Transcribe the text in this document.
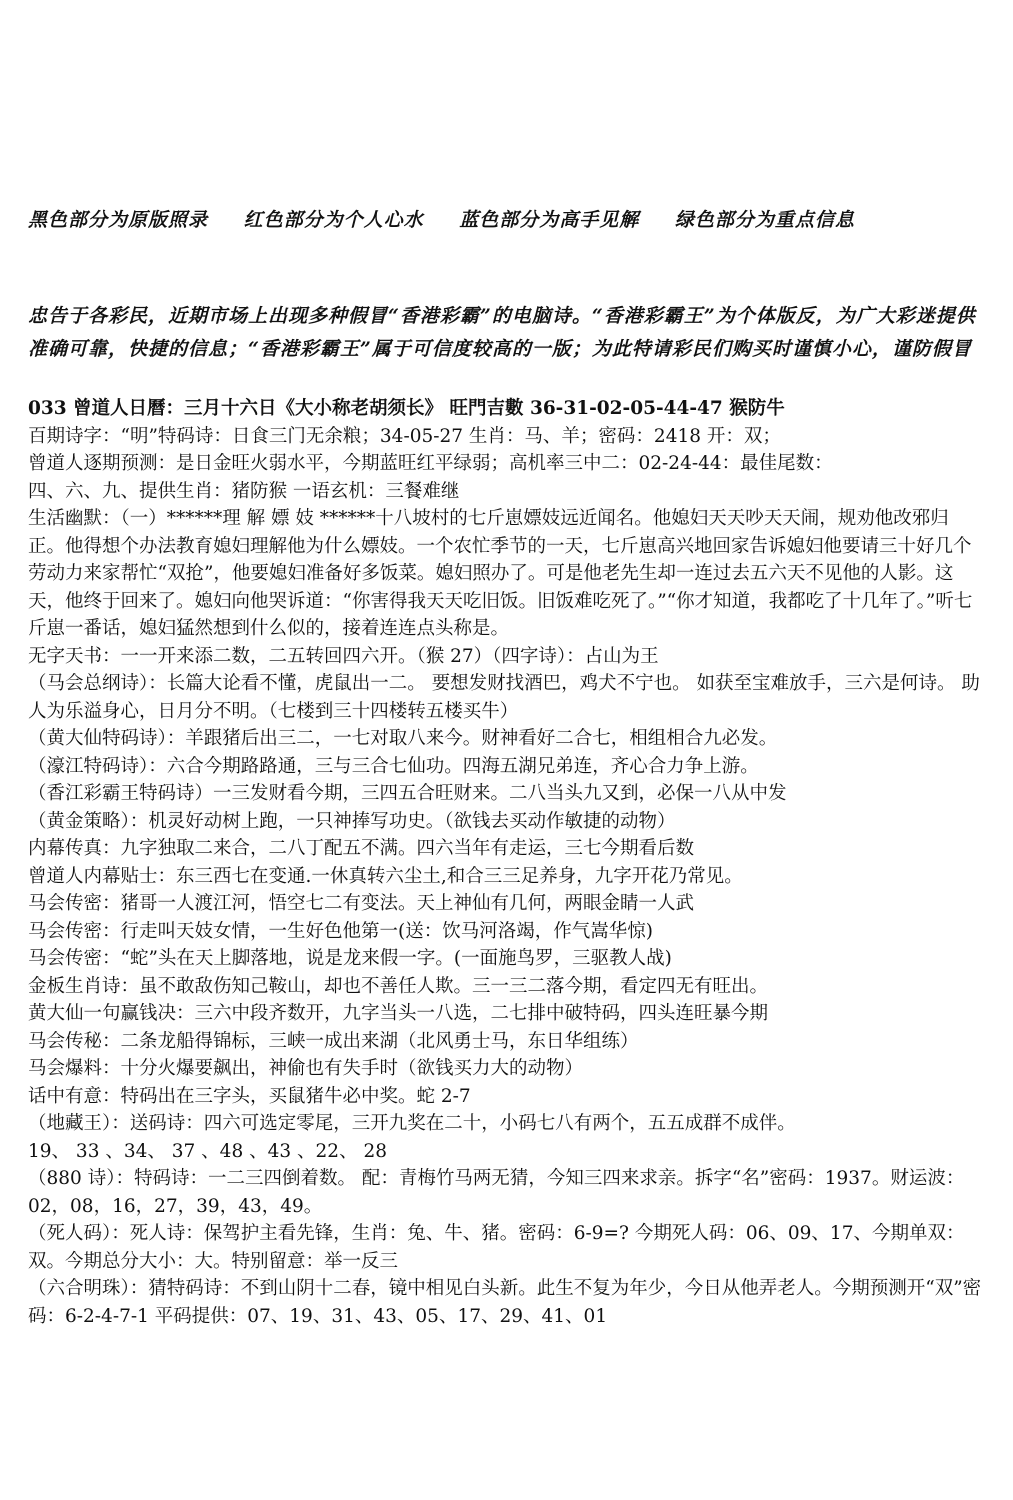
黑色部分为原版照录 红色部分为个人心水 蓝色部分为高手见解 绿色部分为重点信息
忠告于各彩民，近期市场上出现多种假冒“香港彩霸”的电脑诗。“香港彩霸王”为个体版反，为广大彩迷提供准确可靠，快捷的信息；“香港彩霸王”属于可信度较高的一版；为此特请彩民们购买时谨慎小心，谨防假冒

033 曾道人日曆：三月十六日《大小称老胡须长》 旺門吉數 36-31-02-05-44-47 猴防牛

百期诗字：“明”特码诗：日食三门无余粮；34-05-27 生肖：马、羊；密码：2418 开：双；

曾道人逐期预测：是日金旺火弱水平，今期蓝旺红平绿弱；高机率三中二：02-24-44：最佳尾数：

四、六、九、提供生肖：猪防猴 一语玄机：三餐难继

生活幽默：（一）******理 解 嫖 妓 ******十八坡村的七斤崽嫖妓远近闻名。他媳妇天天吵天天闹，规劝他改邪归正。他得想个办法教育媳妇理解他为什么嫖妓。一个农忙季节的一天，七斤崽高兴地回家告诉媳妇他要请三十好几个劳动力来家帮忙“双抢”，他要媳妇准备好多饭菜。媳妇照办了。可是他老先生却一连过去五六天不见他的人影。这天，他终于回来了。媳妇向他哭诉道：“你害得我天天吃旧饭。旧饭难吃死了。”“你才知道，我都吃了十几年了。”听七斤崽一番话，媳妇猛然想到什么似的，接着连连点头称是。

无字天书：一一开来添二数，二五转回四六开。（猴 27）（四字诗）：占山为王

（马会总纲诗）：长篇大论看不懂，虎鼠出一二。 要想发财找酒巴，鸡犬不宁也。 如获至宝难放手，三六是何诗。 助人为乐溢身心，日月分不明。（七楼到三十四楼转五楼买牛）

（黄大仙特码诗）：羊跟猪后出三二，一七对取八来今。财神看好二合七，相组相合九必发。

（濠江特码诗）：六合今期路路通，三与三合七仙功。四海五湖兄弟连，齐心合力争上游。

（香江彩霸王特码诗）一三发财看今期，三四五合旺财来。二八当头九又到，必保一八从中发

（黄金策略）：机灵好动树上跑，一只神捧写功史。（欲钱去买动作敏捷的动物）

内幕传真：九字独取二来合，二八丁配五不满。四六当年有走运，三七今期看后数

曾道人内幕贴士：东三西七在变通.一休真转六尘土,和合三三足养身，九字开花乃常见。

马会传密：猪哥一人渡江河，悟空七二有变法。天上神仙有几何，两眼金睛一人武

马会传密：行走叫天妓女情，一生好色他第一(送：饮马河洛竭，作气嵩华惊)

马会传密：“蛇”头在天上脚落地，说是龙来假一字。(一面施鸟罗，三驱教人战)

金板生肖诗：虽不敢敌伤知己鞍山，却也不善任人欺。三一三二落今期，看定四无有旺出。

黄大仙一句赢钱决：三六中段齐数开，九字当头一八选，二七排中破特码，四头连旺暴今期

马会传秘：二条龙船得锦标，三峡一成出来湖（北风勇士马，东日华组练）

马会爆料：十分火爆要飙出，神偷也有失手时（欲钱买力大的动物）

话中有意：特码出在三字头，买鼠猪牛必中奖。蛇 2-7

（地藏王）：送码诗：四六可选定零尾，三开九奖在二十，小码七八有两个，五五成群不成伴。

19、 33 、34、 37 、48 、43 、22、 28

（880 诗）：特码诗：一二三四倒着数。 配：青梅竹马两无猜，今知三四来求亲。拆字“名”密码：1937。财运波：02，08，16，27，39，43，49。

（死人码）：死人诗：保驾护主看先锋，生肖：兔、牛、猪。密码：6-9=? 今期死人码：06、09、17、今期单双：双。今期总分大小：大。特别留意：举一反三

（六合明珠）：猜特码诗：不到山阴十二春，镜中相见白头新。此生不复为年少，今日从他弄老人。今期预测开“双”密码：6-2-4-7-1 平码提供：07、19、31、43、05、17、29、41、01
